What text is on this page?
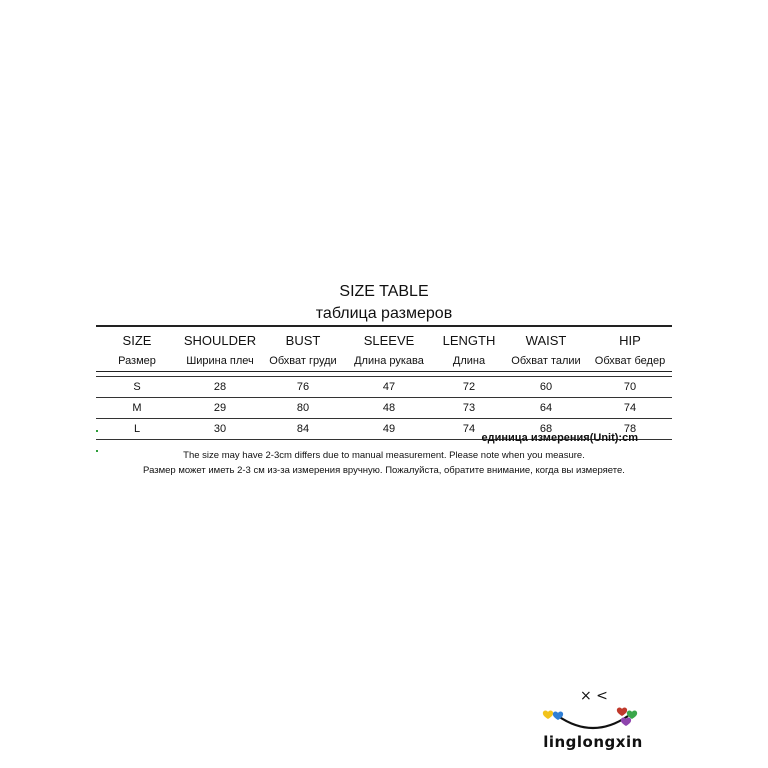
SIZE TABLE
таблица размеров
SIZE	SHOULDER	BUST	SLEEVE	LENGTH	WAIST	HIP
Размер	Ширина плеч	Обхват груди	Длина рукава	Длина	Обхват талии	Обхват бедер

S	28	76	47	72	60	70
M	29	80	48	73	64	74
L	30	84	49	74	68	78
единица измерения(Unit):cm
The size may have 2-3cm differs due to manual measurement. Please note when you measure.
Размер может иметь 2-3 см из-за измерения вручную. Пожалуйста, обратите внимание, когда вы измеряете.
× <
linglongxin
